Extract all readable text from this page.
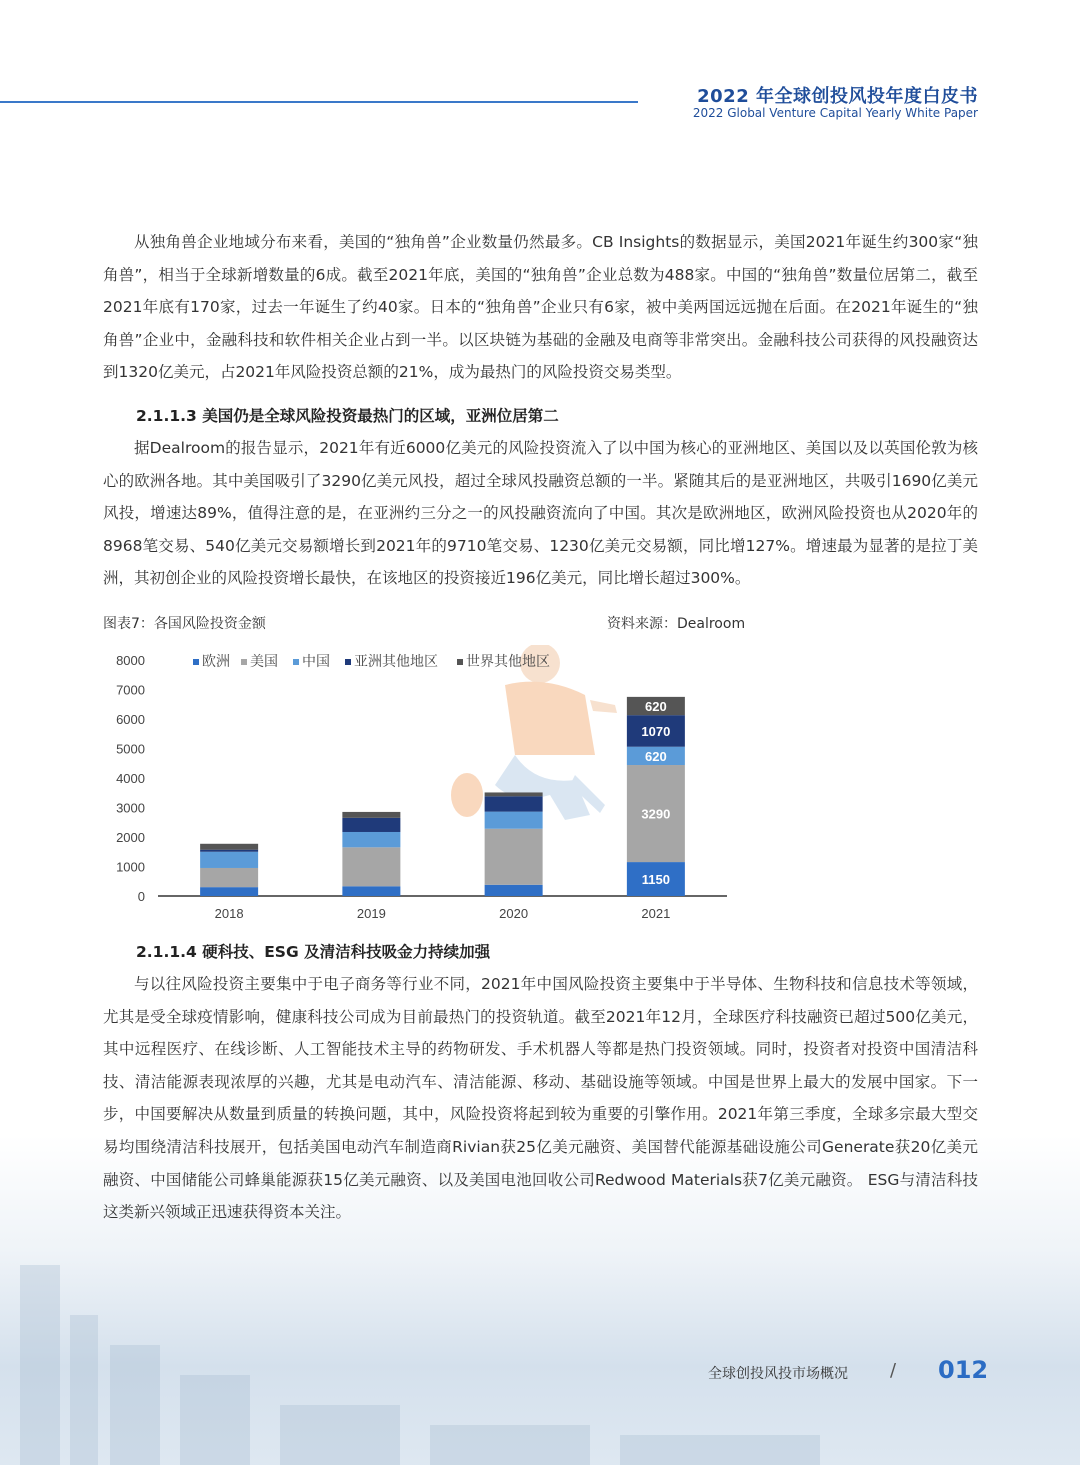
2022 年全球创投风投年度白皮书
2022 Global Venture Capital Yearly White Paper

从独角兽企业地域分布来看，美国的“独角兽”企业数量仍然最多。CB Insights的数据显示，美国2021年诞生约300家“独角兽”，相当于全球新增数量的6成。截至2021年底，美国的“独角兽”企业总数为488家。中国的“独角兽”数量位居第二，截至2021年底有170家，过去一年诞生了约40家。日本的“独角兽”企业只有6家，被中美两国远远抛在后面。在2021年诞生的“独角兽”企业中，金融科技和软件相关企业占到一半。以区块链为基础的金融及电商等非常突出。金融科技公司获得的风投融资达到1320亿美元，占2021年风险投资总额的21%，成为最热门的风险投资交易类型。

2.1.1.3 美国仍是全球风险投资最热门的区域，亚洲位居第二

据Dealroom的报告显示，2021年有近6000亿美元的风险投资流入了以中国为核心的亚洲地区、美国以及以英国伦敦为核心的欧洲各地。其中美国吸引了3290亿美元风投，超过全球风投融资总额的一半。紧随其后的是亚洲地区，共吸引1690亿美元风投，增速达89%，值得注意的是，在亚洲约三分之一的风投融资流向了中国。其次是欧洲地区，欧洲风险投资也从2020年的8968笔交易、540亿美元交易额增长到2021年的9710笔交易、1230亿美元交易额，同比增127%。增速最为显著的是拉丁美洲，其初创企业的风险投资增长最快，在该地区的投资接近196亿美元，同比增长超过300%。

图表7：各国风险投资金额	资料来源：Dealroom
0
1000
2000
3000
4000
5000
6000
7000
8000
2018	2019	2020	2021
1150
3290
620
1070
620
欧洲 美国 中国 亚洲其他地区 世界其他地区

2.1.1.4 硬科技、ESG 及清洁科技吸金力持续加强

与以往风险投资主要集中于电子商务等行业不同，2021年中国风险投资主要集中于半导体、生物科技和信息技术等领域，尤其是受全球疫情影响，健康科技公司成为目前最热门的投资轨道。截至2021年12月，全球医疗科技融资已超过500亿美元，其中远程医疗、在线诊断、人工智能技术主导的药物研发、手术机器人等都是热门投资领域。同时，投资者对投资中国清洁科技、清洁能源表现浓厚的兴趣，尤其是电动汽车、清洁能源、移动、基础设施等领域。中国是世界上最大的发展中国家。下一步，中国要解决从数量到质量的转换问题，其中，风险投资将起到较为重要的引擎作用。2021年第三季度，全球多宗最大型交易均围绕清洁科技展开，包括美国电动汽车制造商Rivian获25亿美元融资、美国替代能源基础设施公司Generate获20亿美元 融资、中国储能公司蜂巢能源获15亿美元融资、以及美国电池回收公司Redwood Materials获7亿美元融资。 ESG与清洁科技这类新兴领域正迅速获得资本关注。

全球创投风投市场概况 / 012
